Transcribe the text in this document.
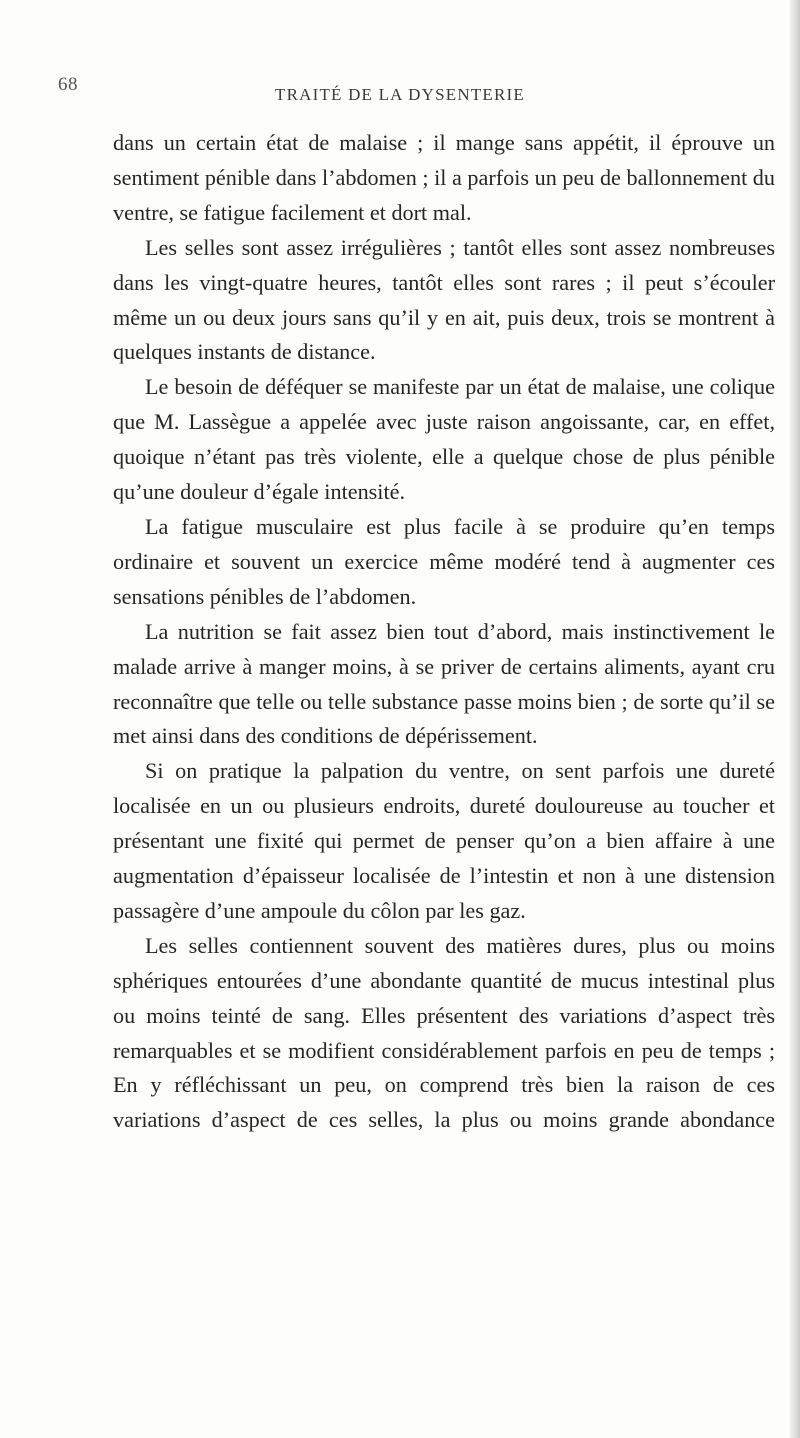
68	TRAITÉ DE LA DYSENTERIE

dans un certain état de malaise ; il mange sans appétit, il éprouve un sentiment pénible dans l’abdomen ; il a parfois un peu de ballonnement du ventre, se fatigue facilement et dort mal.

Les selles sont assez irrégulières ; tantôt elles sont assez nombreuses dans les vingt-quatre heures, tantôt elles sont rares ; il peut s’écouler même un ou deux jours sans qu’il y en ait, puis deux, trois se montrent à quelques instants de distance.

Le besoin de déféquer se manifeste par un état de malaise, une colique que M. Lassègue a appelée avec juste raison angoissante, car, en effet, quoique n’étant pas très violente, elle a quelque chose de plus pénible qu’une douleur d’égale intensité.

La fatigue musculaire est plus facile à se produire qu’en temps ordinaire et souvent un exercice même modéré tend à augmenter ces sensations pénibles de l’abdomen.

La nutrition se fait assez bien tout d’abord, mais instinctivement le malade arrive à manger moins, à se priver de certains aliments, ayant cru reconnaître que telle ou telle substance passe moins bien ; de sorte qu’il se met ainsi dans des conditions de dépérissement.

Si on pratique la palpation du ventre, on sent parfois une dureté localisée en un ou plusieurs endroits, dureté douloureuse au toucher et présentant une fixité qui permet de penser qu’on a bien affaire à une augmentation d’épaisseur localisée de l’intestin et non à une distension passagère d’une ampoule du côlon par les gaz.

Les selles contiennent souvent des matières dures, plus ou moins sphériques entourées d’une abondante quantité de mucus intestinal plus ou moins teinté de sang. Elles présentent des variations d’aspect très remarquables et se modifient considérablement parfois en peu de temps ; En y réfléchissant un peu, on comprend très bien la raison de ces variations d’aspect de ces selles, la plus ou moins grande abondance
